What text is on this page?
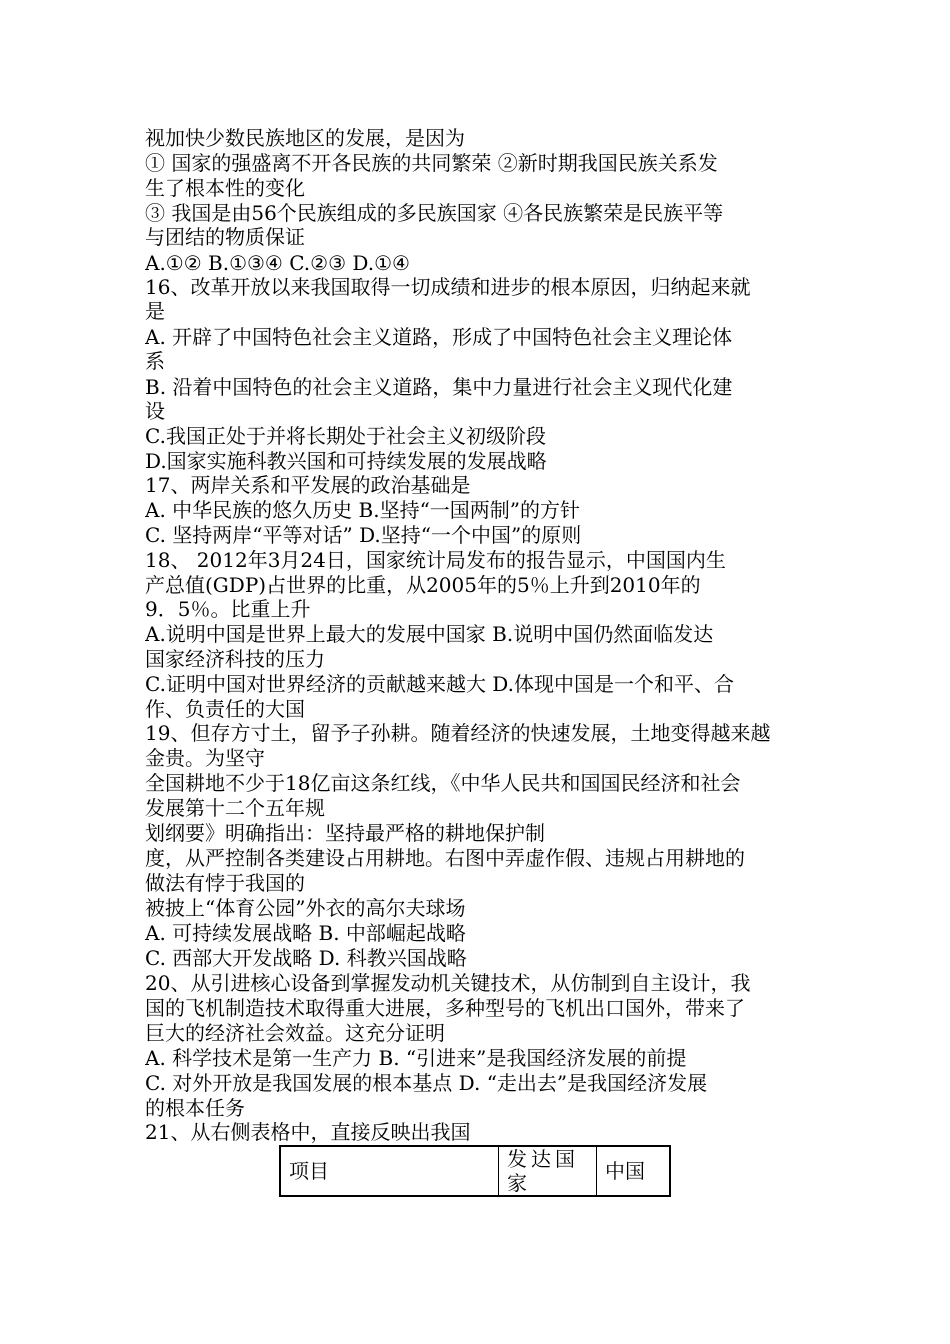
视加快少数民族地区的发展，是因为
① 国家的强盛离不开各民族的共同繁荣 ②新时期我国民族关系发
生了根本性的变化
③ 我国是由56个民族组成的多民族国家 ④各民族繁荣是民族平等
与团结的物质保证
A.①② B.①③④ C.②③ D.①④
16、改革开放以来我国取得一切成绩和进步的根本原因，归纳起来就
是
A. 开辟了中国特色社会主义道路，形成了中国特色社会主义理论体
系
B. 沿着中国特色的社会主义道路，集中力量进行社会主义现代化建
设
C.我国正处于并将长期处于社会主义初级阶段
D.国家实施科教兴国和可持续发展的发展战略
17、两岸关系和平发展的政治基础是
A. 中华民族的悠久历史 B.坚持“一国两制”的方针
C. 坚持两岸“平等对话” D.坚持“一个中国”的原则
18、 2012年3月24日，国家统计局发布的报告显示，中国国内生
产总值(GDP)占世界的比重，从2005年的5％上升到2010年的
9．5％。比重上升
A.说明中国是世界上最大的发展中国家 B.说明中国仍然面临发达
国家经济科技的压力
C.证明中国对世界经济的贡献越来越大 D.体现中国是一个和平、合
作、负责任的大国
19、但存方寸土，留予子孙耕。随着经济的快速发展，土地变得越来越
金贵。为坚守
全国耕地不少于18亿亩这条红线，《中华人民共和国国民经济和社会
发展第十二个五年规
划纲要》明确指出：坚持最严格的耕地保护制
度，从严控制各类建设占用耕地。右图中弄虚作假、违规占用耕地的
做法有悖于我国的
被披上“体育公园”外衣的高尔夫球场
A. 可持续发展战略 B. 中部崛起战略
C. 西部大开发战略 D. 科教兴国战略
20、从引进核心设备到掌握发动机关键技术，从仿制到自主设计，我
国的飞机制造技术取得重大进展，多种型号的飞机出口国外，带来了
巨大的经济社会效益。这充分证明
A. 科学技术是第一生产力 B. “引进来”是我国经济发展的前提
C. 对外开放是我国发展的根本基点 D. “走出去”是我国经济发展
的根本任务
21、从右侧表格中，直接反映出我国
项目	发达国家	中国
